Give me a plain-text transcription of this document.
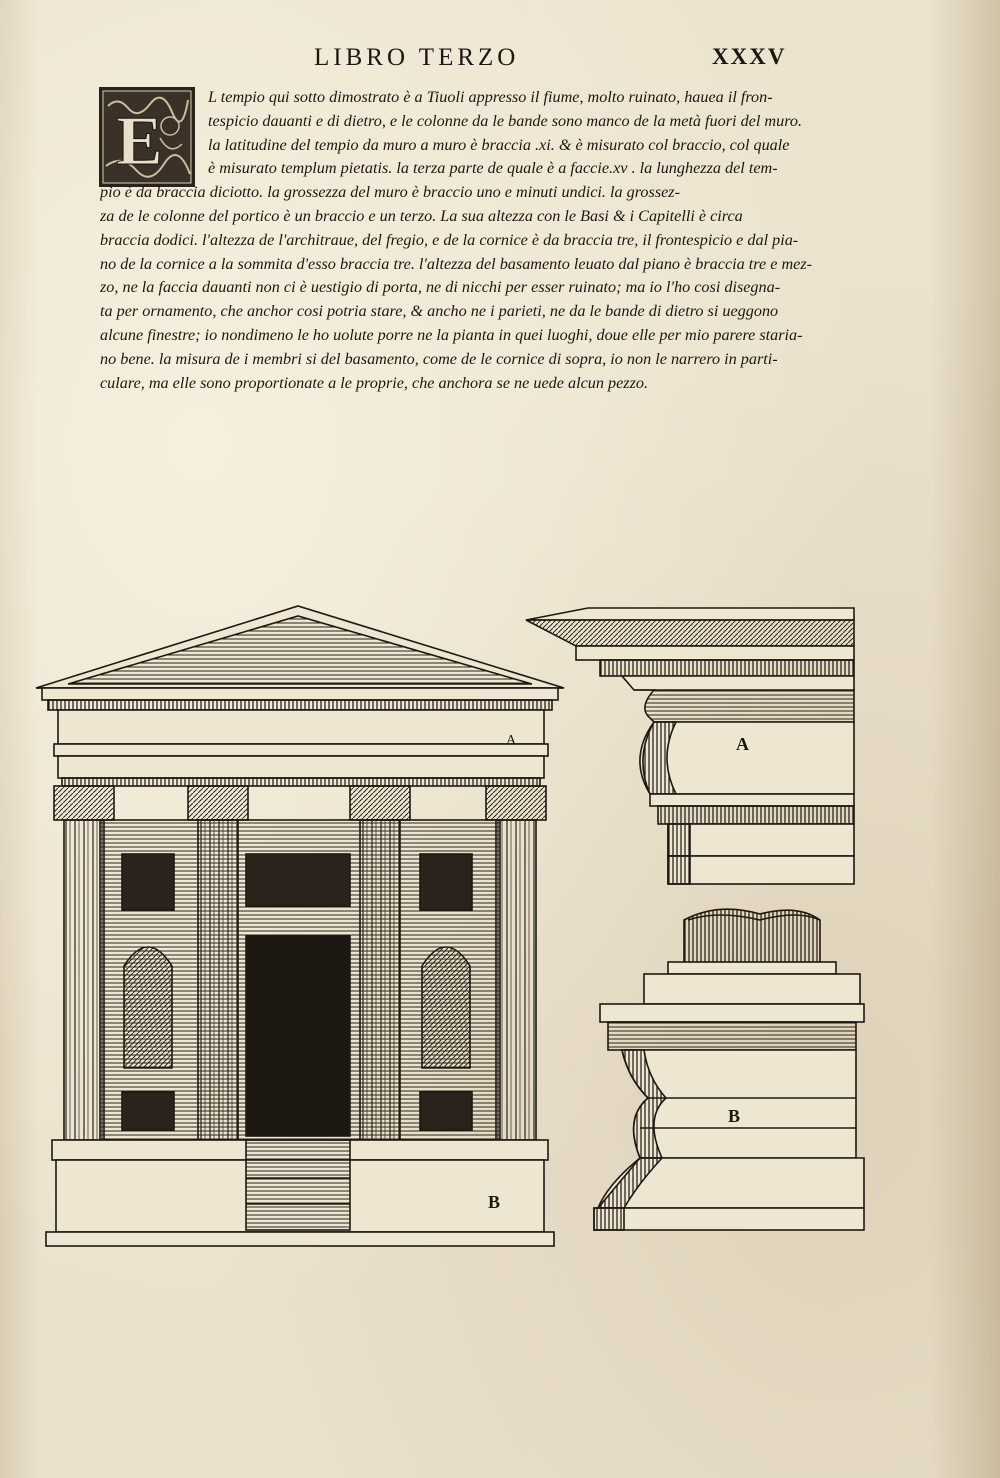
LIBRO TERZO	XXXV
E
L tempio qui sotto dimostrato è a Tiuoli appresso il fiume, molto ruinato, haueа il fron-
tespicio dauanti e di dietro, e le colonne da le bande sono manco de la metà fuori del muro.
la latitudine del tempio da muro a muro è braccia .xi. & è misurato col braccio, col quale
è misurato templum pietatis. la terza parte de quale è a faccie.xv . la lunghezza del tem-
pio è da braccia diciotto. la grossezza del muro è braccio uno e minuti undici. la grossez-
za de le colonne del portico è un braccio e un terzo. La sua altezza con le Basi & i Capitelli è circa
braccia dodici. l'altezza de l'architraue, del fregio, e de la cornice è da braccia tre, il frontespicio e dal pia-
no de la cornice a la sommita d'esso braccia tre. l'altezza del basamento leuato dal piano è braccia tre e mez-
zo, ne la faccia dauanti non ci è uestigio di porta, ne di nicchi per esser ruinato; ma io l'ho cosi disegna-
ta per ornamento, che anchor cosi potria stare, & ancho ne i parieti, ne da le bande di dietro si ueggono
alcune finestre; io nondimeno le ho uolute porre ne la pianta in quei luoghi, doue elle per mio parere staria-
no bene. la misura de i membri si del basamento, come de le cornice di sopra, io non le narrero in parti-
culare, ma elle sono proportionate a le proprie, che anchora se ne uede alcun pezzo.
A
B
A
B
